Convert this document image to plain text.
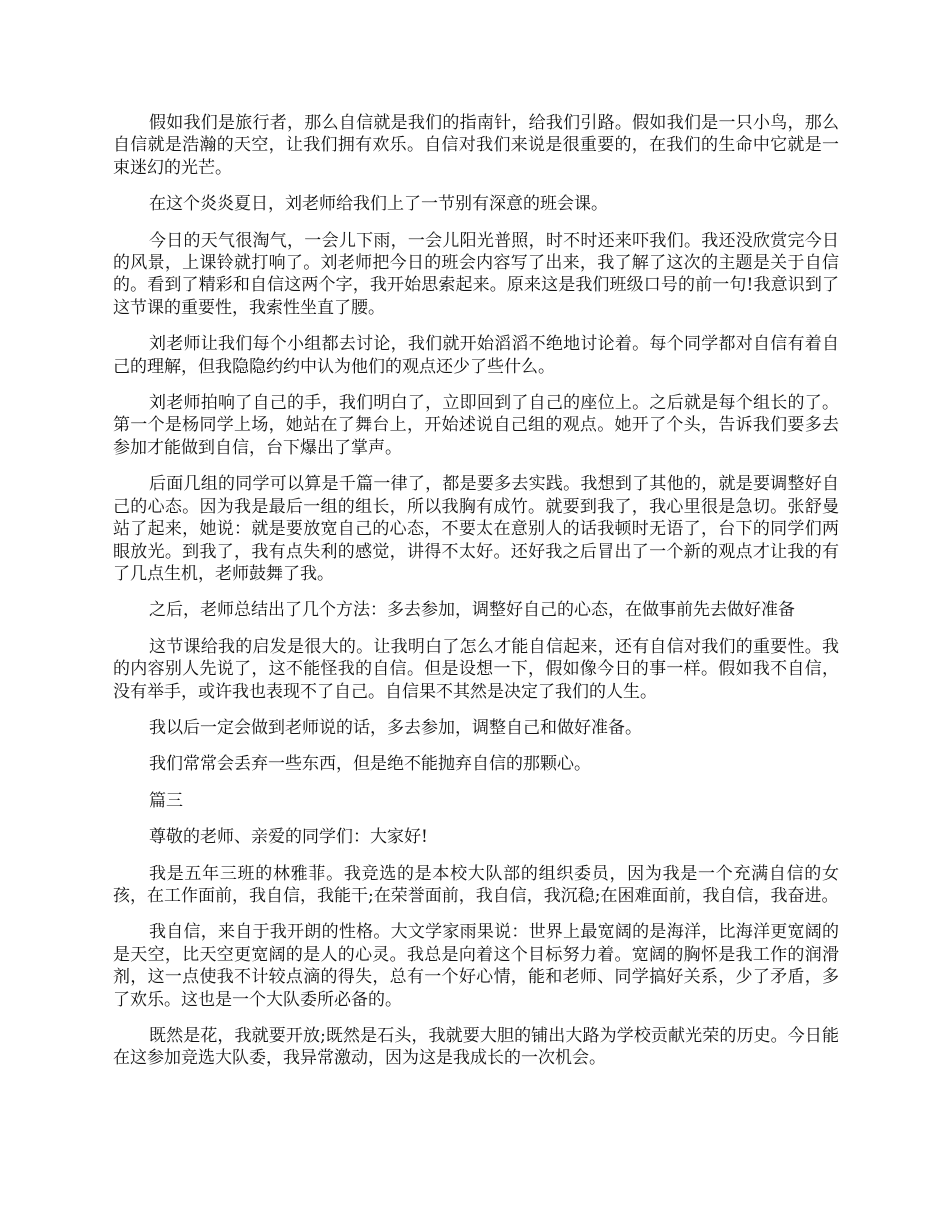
假如我们是旅行者，那么自信就是我们的指南针，给我们引路。假如我们是一只小鸟，那么自信就是浩瀚的天空，让我们拥有欢乐。自信对我们来说是很重要的，在我们的生命中它就是一束迷幻的光芒。

在这个炎炎夏日，刘老师给我们上了一节别有深意的班会课。

今日的天气很淘气，一会儿下雨，一会儿阳光普照，时不时还来吓我们。我还没欣赏完今日的风景，上课铃就打响了。刘老师把今日的班会内容写了出来，我了解了这次的主题是关于自信的。看到了精彩和自信这两个字，我开始思索起来。原来这是我们班级口号的前一句!我意识到了这节课的重要性，我索性坐直了腰。

刘老师让我们每个小组都去讨论，我们就开始滔滔不绝地讨论着。每个同学都对自信有着自己的理解，但我隐隐约约中认为他们的观点还少了些什么。

刘老师拍响了自己的手，我们明白了，立即回到了自己的座位上。之后就是每个组长的了。第一个是杨同学上场，她站在了舞台上，开始述说自己组的观点。她开了个头，告诉我们要多去参加才能做到自信，台下爆出了掌声。

后面几组的同学可以算是千篇一律了，都是要多去实践。我想到了其他的，就是要调整好自己的心态。因为我是最后一组的组长，所以我胸有成竹。就要到我了，我心里很是急切。张舒曼站了起来，她说：就是要放宽自己的心态，不要太在意别人的话我顿时无语了，台下的同学们两眼放光。到我了，我有点失利的感觉，讲得不太好。还好我之后冒出了一个新的观点才让我的有了几点生机，老师鼓舞了我。

之后，老师总结出了几个方法：多去参加，调整好自己的心态，在做事前先去做好准备

这节课给我的启发是很大的。让我明白了怎么才能自信起来，还有自信对我们的重要性。我的内容别人先说了，这不能怪我的自信。但是设想一下，假如像今日的事一样。假如我不自信，没有举手，或许我也表现不了自己。自信果不其然是决定了我们的人生。

我以后一定会做到老师说的话，多去参加，调整自己和做好准备。

我们常常会丢弃一些东西，但是绝不能抛弃自信的那颗心。

篇三

尊敬的老师、亲爱的同学们：大家好!

我是五年三班的林雅菲。我竞选的是本校大队部的组织委员，因为我是一个充满自信的女孩，在工作面前，我自信，我能干;在荣誉面前，我自信，我沉稳;在困难面前，我自信，我奋进。

我自信，来自于我开朗的性格。大文学家雨果说：世界上最宽阔的是海洋，比海洋更宽阔的是天空，比天空更宽阔的是人的心灵。我总是向着这个目标努力着。宽阔的胸怀是我工作的润滑剂，这一点使我不计较点滴的得失，总有一个好心情，能和老师、同学搞好关系，少了矛盾，多了欢乐。这也是一个大队委所必备的。

既然是花，我就要开放;既然是石头，我就要大胆的铺出大路为学校贡献光荣的历史。今日能在这参加竞选大队委，我异常激动，因为这是我成长的一次机会。
